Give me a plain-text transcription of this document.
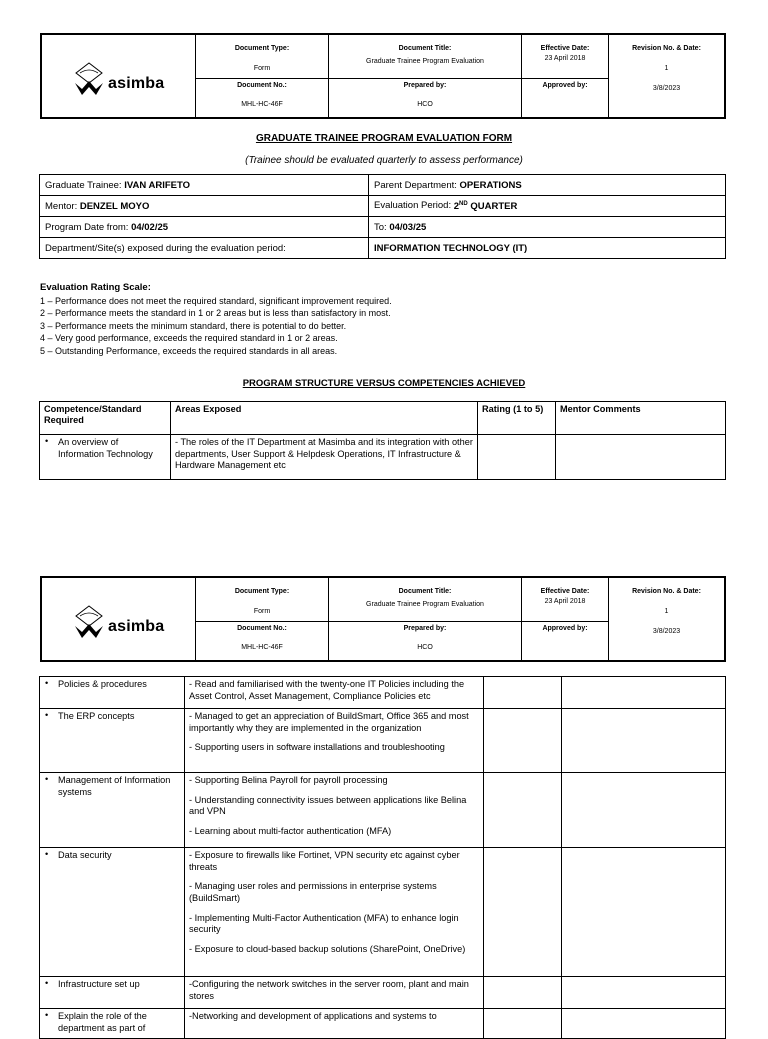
asimba	Document Type:
Form	Document Title:
Graduate Trainee Program Evaluation	Effective Date:
23 April 2018	Revision No. & Date:
1
3/8/2023

	Document No.:
MHL-HC-46F	Prepared by:
HCO	Approved by:	
GRADUATE TRAINEE PROGRAM EVALUATION FORM
(Trainee should be evaluated quarterly to assess performance)
Graduate Trainee: IVAN ARIFETO	Parent Department: OPERATIONS
Mentor: DENZEL MOYO	Evaluation Period: 2ND QUARTER
Program Date from: 04/02/25	To: 04/03/25
Department/Site(s) exposed during the evaluation period:	INFORMATION TECHNOLOGY (IT)
Evaluation Rating Scale:
1 – Performance does not meet the required standard, significant improvement required.
2 – Performance meets the standard in 1 or 2 areas but is less than satisfactory in most.
3 – Performance meets the minimum standard, there is potential to do better.
4 – Very good performance, exceeds the required standard in 1 or 2 areas.
5 – Outstanding Performance, exceeds the required standards in all areas.
PROGRAM STRUCTURE VERSUS COMPETENCIES ACHIEVED
Competence/Standard Required	Areas Exposed	Rating (1 to 5)	Mentor Comments
• An overview of Information Technology	- The roles of the IT Department at Masimba and its integration with other departments, User Support & Helpdesk Operations, IT Infrastructure & Hardware Management etc		

asimba	Document Type:
Form	Document Title:
Graduate Trainee Program Evaluation	Effective Date:
23 April 2018	Revision No. & Date:
1
3/8/2023

	Document No.:
MHL-HC-46F	Prepared by:
HCO	Approved by:	
• Policies & procedures	- Read and familiarised with the twenty-one IT Policies including the Asset Control, Asset Management, Compliance Policies etc		

• The ERP concepts	- Managed to get an appreciation of BuildSmart, Office 365 and most importantly why they are implemented in the organization

- Supporting users in software installations and troubleshooting		

• Management of Information systems	- Supporting Belina Payroll for payroll processing

- Understanding connectivity issues between applications like Belina and VPN

- Learning about multi-factor authentication (MFA)		

• Data security	- Exposure to firewalls like Fortinet, VPN security etc against cyber threats

- Managing user roles and permissions in enterprise systems (BuildSmart)

- Implementing Multi-Factor Authentication (MFA) to enhance login security

- Exposure to cloud-based backup solutions (SharePoint, OneDrive)		

• Infrastructure set up	-Configuring the network switches in the server room, plant and main stores		

• Explain the role of the department as part of	-Networking and development of applications and systems to		
